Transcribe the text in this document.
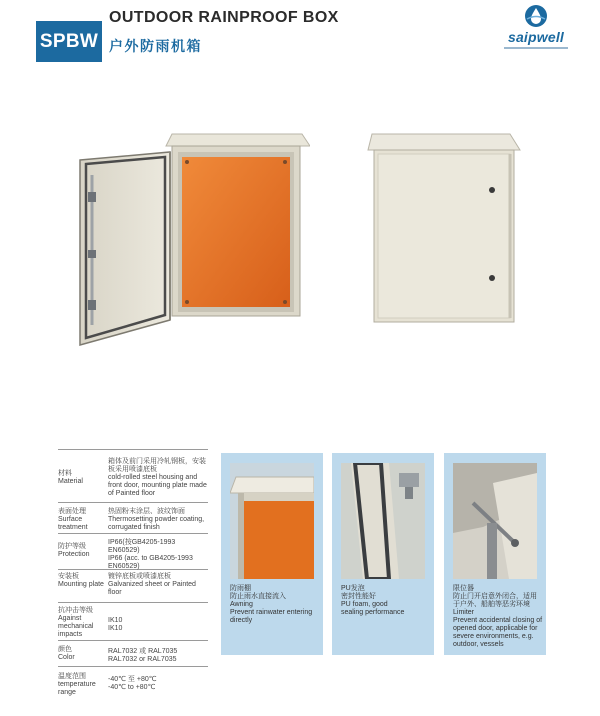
SPBW
OUTDOOR RAINPROOF BOX
户外防雨机箱
saipwell
材料
Material
箱体及前门采用冷轧钢板，安装板采用喷漆底板
cold-rolled steel housing and front door, mounting plate made of Painted floor
表面处理
Surface treatment
热固粉末涂层、波纹饰面
Thermosetting powder coating, corrugated finish
防护等级
Protection
IP66(按GB4205-1993 EN60529)
IP66 (acc. to GB4205-1993 EN60529)
安装板
Mounting plate
镀锌底板或喷漆底板
Galvanized sheet or Painted floor
抗冲击等级
Against mechanical impacts
IK10
IK10
颜色
Color
RAL7032 或 RAL7035
RAL7032 or RAL7035
温度范围
temperature range
-40℃ 至 +80℃
-40℃ to +80℃
防雨棚
防止雨水直接流入
Awning
Prevent rainwater entering directly
PU发泡
密封性能好
PU foam, good
sealing performance
限位器
防止门开启意外闭合，适用于户外、船舶等恶劣环境
Limiter
Prevent accidental closing of opened door, applicable for severe environments, e.g. outdoor, vessels
